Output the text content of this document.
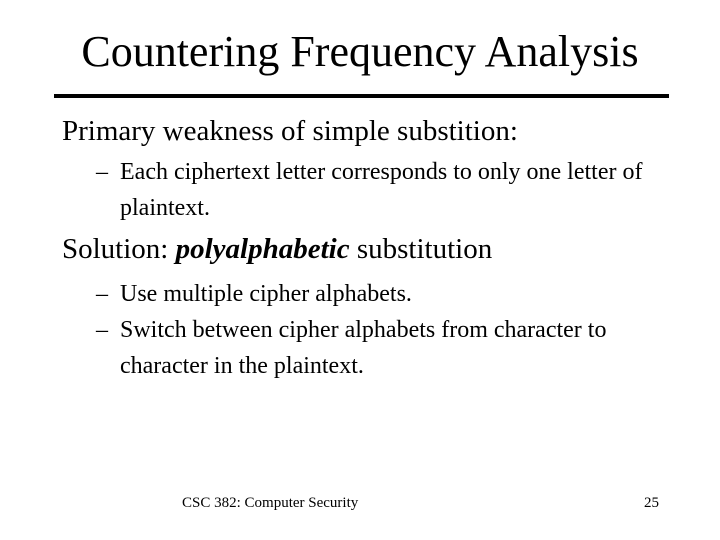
Countering Frequency Analysis
Primary weakness of simple substition:
– Each ciphertext letter corresponds to only one letter of plaintext.
Solution: polyalphabetic substitution
– Use multiple cipher alphabets.
– Switch between cipher alphabets from character to character in the plaintext.
CSC 382: Computer Security	25
